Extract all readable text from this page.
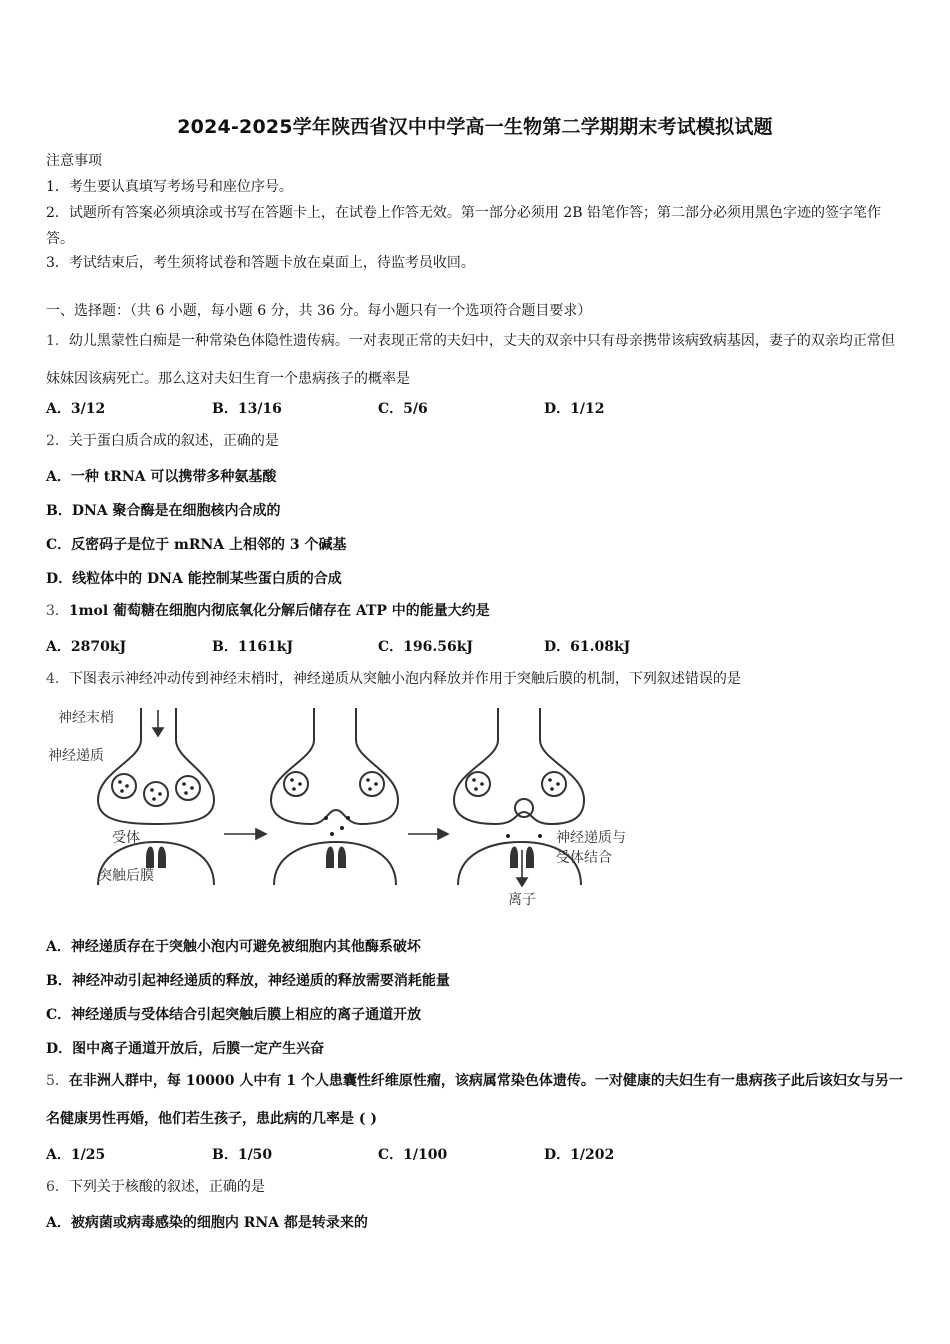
2024-2025学年陕西省汉中中学高一生物第二学期期末考试模拟试题
注意事项
1．考生要认真填写考场号和座位序号。
2．试题所有答案必须填涂或书写在答题卡上，在试卷上作答无效。第一部分必须用 2B 铅笔作答；第二部分必须用黑色字迹的签字笔作答。
3．考试结束后，考生须将试卷和答题卡放在桌面上，待监考员收回。
一、选择题：（共 6 小题，每小题 6 分，共 36 分。每小题只有一个选项符合题目要求）
1．幼儿黑蒙性白痴是一种常染色体隐性遗传病。一对表现正常的夫妇中，丈夫的双亲中只有母亲携带该病致病基因，妻子的双亲均正常但妹妹因该病死亡。那么这对夫妇生育一个患病孩子的概率是
A．3/12	B．13/16	C．5/6	D．1/12
2．关于蛋白质合成的叙述，正确的是
A．一种 tRNA 可以携带多种氨基酸
B．DNA 聚合酶是在细胞核内合成的
C．反密码子是位于 mRNA 上相邻的 3 个碱基
D．线粒体中的 DNA 能控制某些蛋白质的合成
3．1mol 葡萄糖在细胞内彻底氧化分解后储存在 ATP 中的能量大约是
A．2870kJ	B．1161kJ	C．196.56kJ	D．61.08kJ
4．下图表示神经冲动传到神经末梢时，神经递质从突触小泡内释放并作用于突触后膜的机制，下列叙述错误的是
神经末梢
神经递质
受体
突触后膜
神经递质与
受体结合
离子
A．神经递质存在于突触小泡内可避免被细胞内其他酶系破坏
B．神经冲动引起神经递质的释放，神经递质的释放需要消耗能量
C．神经递质与受体结合引起突触后膜上相应的离子通道开放
D．图中离子通道开放后，后膜一定产生兴奋
5．在非洲人群中，每 10000 人中有 1 个人患囊性纤维原性瘤，该病属常染色体遗传。一对健康的夫妇生有一患病孩子此后该妇女与另一名健康男性再婚，他们若生孩子，患此病的几率是 ( )
A．1/25	B．1/50	C．1/100	D．1/202
6．下列关于核酸的叙述，正确的是
A．被病菌或病毒感染的细胞内 RNA 都是转录来的
